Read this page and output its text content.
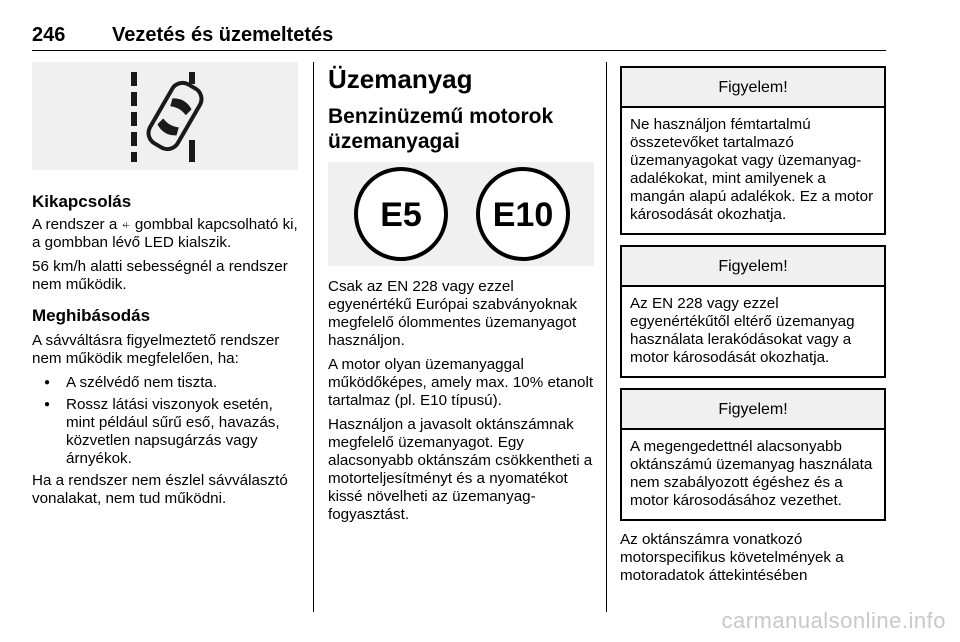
246 Vezetés és üzemeltetés
Kikapcsolás

A rendszer a ⍅ gombbal kapcsolható ki, a gombban lévő LED kialszik.

56 km/h alatti sebességnél a rendszer nem működik.

Meghibásodás

A sávváltásra figyelmeztető rendszer nem működik megfelelően, ha:

● A szélvédő nem tiszta.
● Rossz látási viszonyok esetén, mint például sűrű eső, havazás, közvetlen napsugárzás vagy árnyékok.

Ha a rendszer nem észlel sávválasztó vonalakat, nem tud működni.

Üzemanyag
Benzinüzemű motorok üzemanyagai
E5 E10

Csak az EN 228 vagy ezzel egyenértékű Európai szabványoknak megfelelő ólommentes üzemanyagot használjon.

A motor olyan üzemanyaggal működőképes, amely max. 10% etanolt tartalmaz (pl. E10 típusú).

Használjon a javasolt oktánszámnak megfelelő üzemanyagot. Egy alacsonyabb oktánszám csökkentheti a motorteljesítményt és a nyomatékot kissé növelheti az üzemanyag-fogyasztást.

Figyelem!

Ne használjon fémtartalmú összetevőket tartalmazó üzemanyagokat vagy üzemanyag-adalékokat, mint amilyenek a mangán alapú adalékok. Ez a motor károsodását okozhatja.

Figyelem!

Az EN 228 vagy ezzel egyenértékűtől eltérő üzemanyag használata lerakódásokat vagy a motor károsodását okozhatja.

Figyelem!

A megengedettnél alacsonyabb oktánszámú üzemanyag használata nem szabályozott égéshez és a motor károsodásához vezethet.

Az oktánszámra vonatkozó motorspecifikus követelmények a motoradatok áttekintésében

carmanualsonline.info
